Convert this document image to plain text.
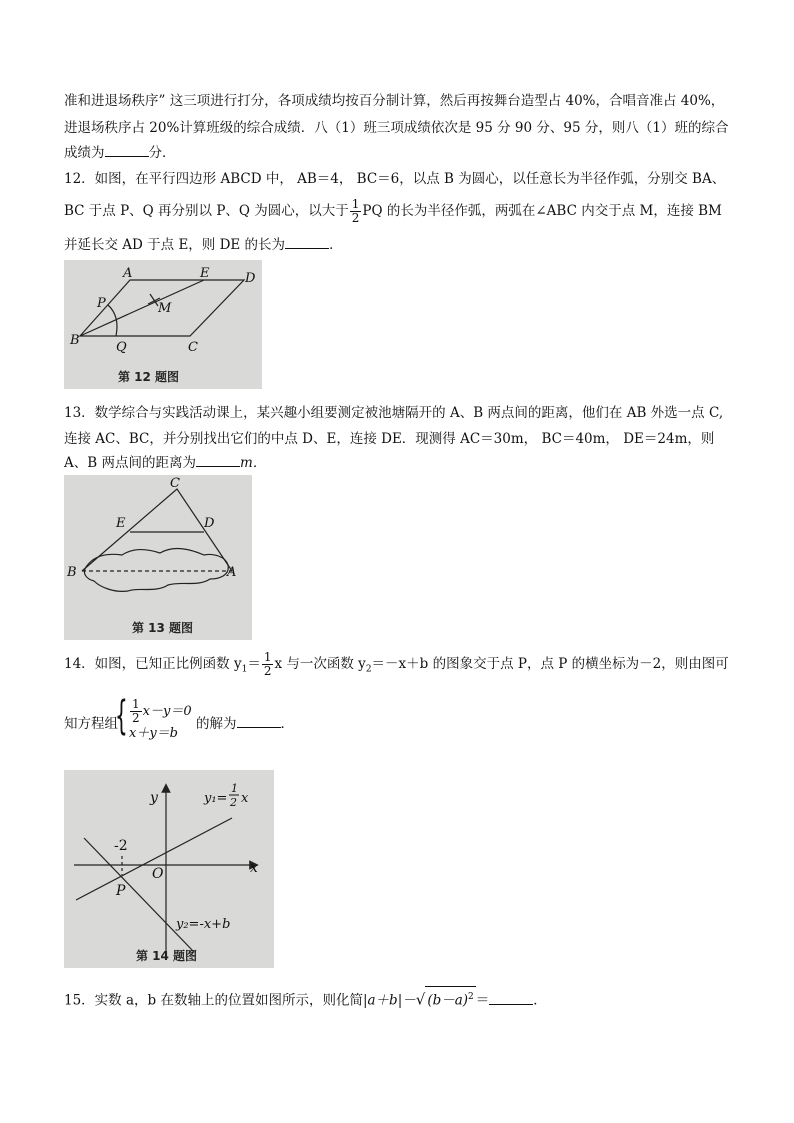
准和进退场秩序” 这三项进行打分，各项成绩均按百分制计算，然后再按舞台造型占 40%，合唱音准占 40%，
进退场秩序占 20%计算班级的综合成绩．八（1）班三项成绩依次是 95 分 90 分、95 分，则八（1）班的综合
成绩为	分．
12．如图，在平行四边形 ABCD 中， AB＝4， BC＝6，以点 B 为圆心，以任意长为半径作弧，分别交 BA、
BC 于点 P、Q 再分别以 P、Q 为圆心，以大于 $\frac{1}{2}$ PQ 的长为半径作弧，两弧在∠ABC 内交于点 M，连接 BM
并延长交 AD 于点 E，则 DE 的长为	．
A	E	D
P	M
B	Q	C
第 12 题图
13．数学综合与实践活动课上，某兴趣小组要测定被池塘隔开的 A、B 两点间的距离，他们在 AB 外选一点 C,
连接 AC、BC，并分别找出它们的中点 D、E，连接 DE．现测得 AC＝30m， BC＝40m， DE＝24m，则
A、B 两点间的距离为	m．
C
E	D
B	A
第 13 题图
14．如图，已知正比例函数 $y_1= \frac{1}{2}$ x 与一次函数 $y_2=-x+b$ 的图象交于点 P，点 P 的横坐标为－2，则由图可
知方程组	的解为	．
{ $\frac{1}{2} x-y=0$
x＋y＝b
y
x
O
P
-2
y₁=
1
2 x
y₂=-x+b
第 14 题图
15．实数 a，b 在数轴上的位置如图所示，则化简|a＋b|－√ $(b-a)^2$ ＝	．
